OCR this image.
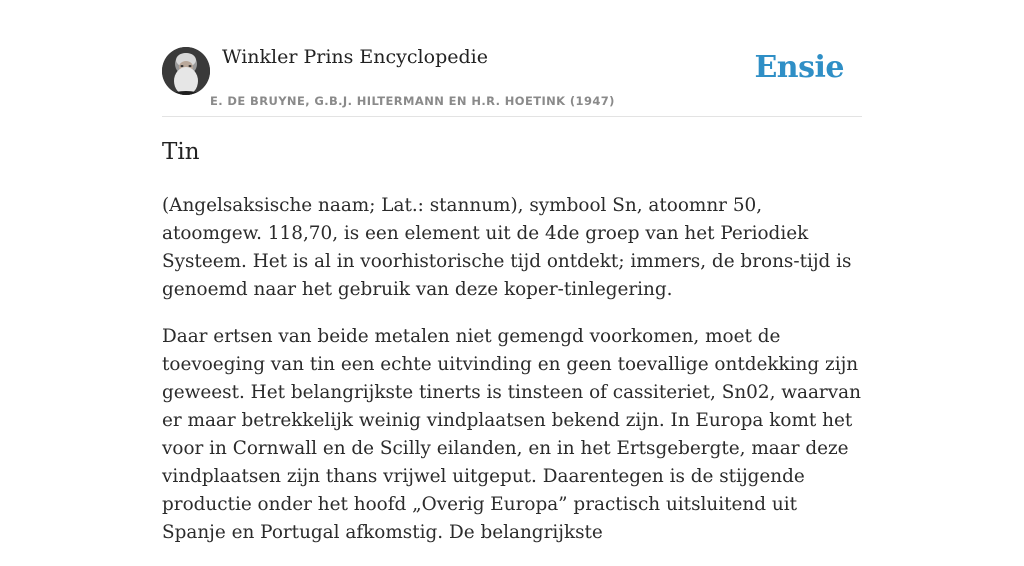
Winkler Prins Encyclopedie
E. DE BRUYNE, G.B.J. HILTERMANN EN H.R. HOETINK (1947)
Ensie
Tin

(Angelsaksische naam; Lat.: stannum), symbool Sn, atoomnr 50, atoomgew. 118,70, is een element uit de 4de groep van het Periodiek Systeem. Het is al in voorhistorische tijd ontdekt; immers, de brons-tijd is genoemd naar het gebruik van deze koper-tinlegering.

Daar ertsen van beide metalen niet gemengd voorkomen, moet de toevoeging van tin een echte uitvinding en geen toevallige ontdekking zijn geweest. Het belangrijkste tinerts is tinsteen of cassiteriet, Sn02, waarvan er maar betrekkelijk weinig vindplaatsen bekend zijn. In Europa komt het voor in Cornwall en de Scilly eilanden, en in het Ertsgebergte, maar deze vindplaatsen zijn thans vrijwel uitgeput. Daarentegen is de stijgende productie onder het hoofd „Overig Europa” practisch uitsluitend uit Spanje en Portugal afkomstig. De belangrijkste
